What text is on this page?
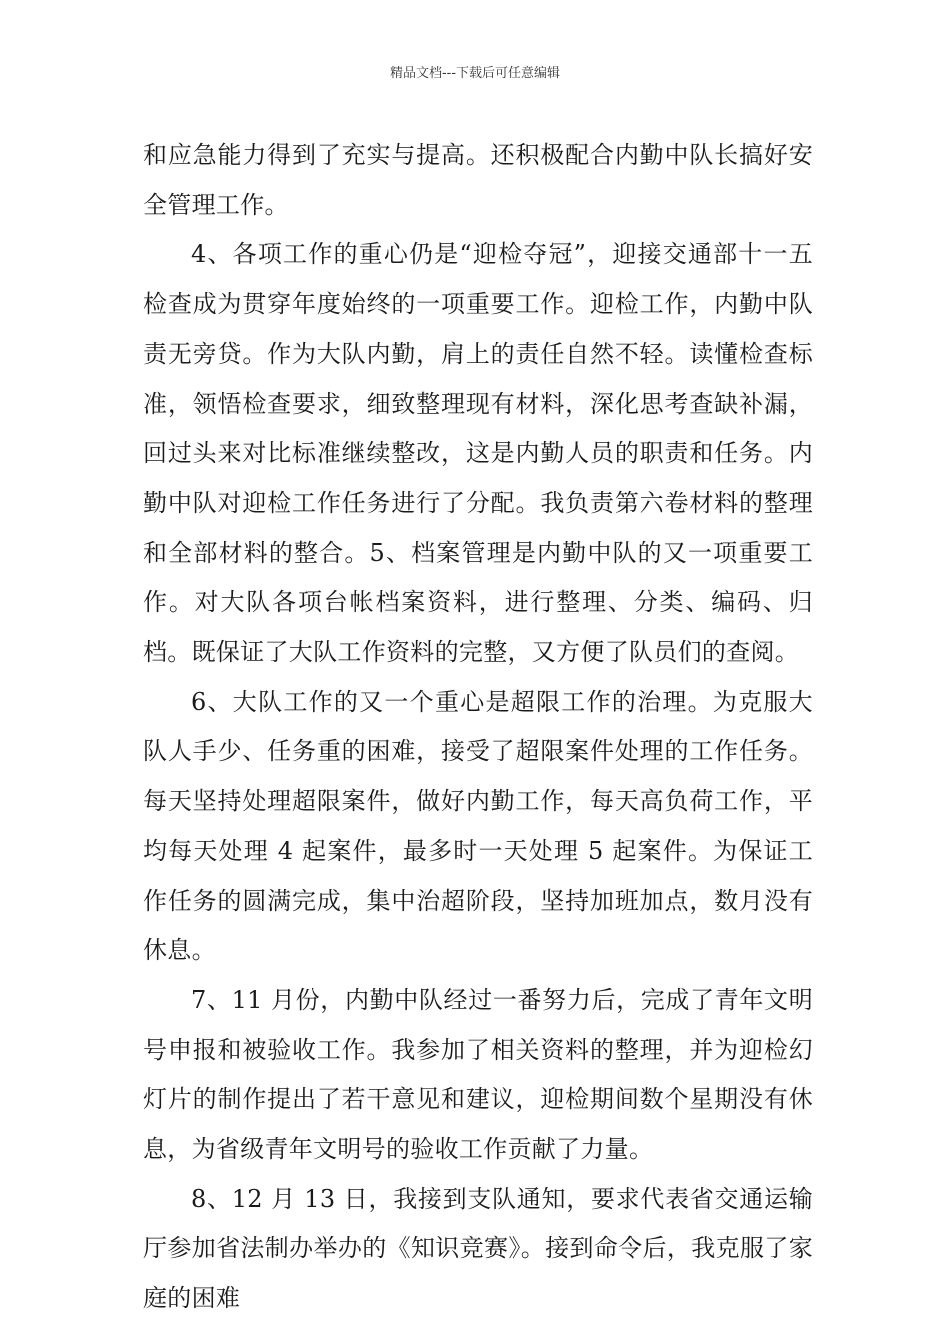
精品文档---下载后可任意编辑

和应急能力得到了充实与提高。还积极配合内勤中队长搞好安全管理工作。

4、各项工作的重心仍是“迎检夺冠”，迎接交通部十一五检查成为贯穿年度始终的一项重要工作。迎检工作，内勤中队责无旁贷。作为大队内勤，肩上的责任自然不轻。读懂检查标准，领悟检查要求，细致整理现有材料，深化思考查缺补漏，回过头来对比标准继续整改，这是内勤人员的职责和任务。内勤中队对迎检工作任务进行了分配。我负责第六卷材料的整理和全部材料的整合。5、档案管理是内勤中队的又一项重要工作。对大队各项台帐档案资料，进行整理、分类、编码、归档。既保证了大队工作资料的完整，又方便了队员们的查阅。

6、大队工作的又一个重心是超限工作的治理。为克服大队人手少、任务重的困难，接受了超限案件处理的工作任务。每天坚持处理超限案件，做好内勤工作，每天高负荷工作，平均每天处理 4 起案件，最多时一天处理 5 起案件。为保证工作任务的圆满完成，集中治超阶段，坚持加班加点，数月没有休息。

7、11 月份，内勤中队经过一番努力后，完成了青年文明号申报和被验收工作。我参加了相关资料的整理，并为迎检幻灯片的制作提出了若干意见和建议，迎检期间数个星期没有休息，为省级青年文明号的验收工作贡献了力量。

8、12 月 13 日，我接到支队通知，要求代表省交通运输厅参加省法制办举办的《知识竞赛》。接到命令后，我克服了家庭的困难
